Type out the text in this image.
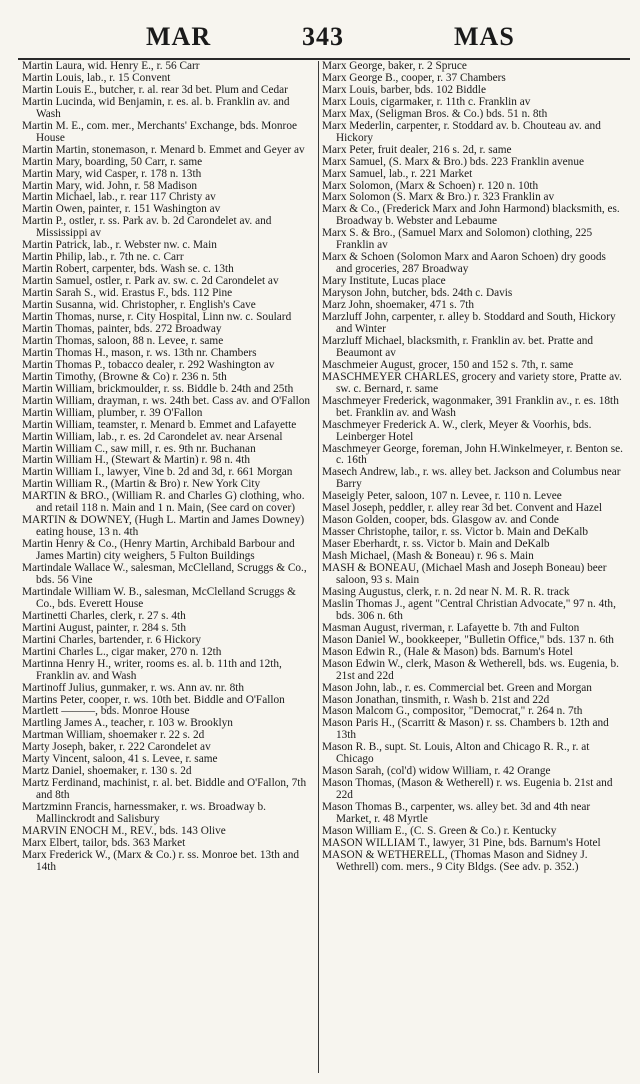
MAR	343	MAS

Martin Laura, wid. Henry E., r. 56 Carr

Martin Louis, lab., r. 15 Convent

Martin Louis E., butcher, r. al. rear 3d bet. Plum and Cedar

Martin Lucinda, wid Benjamin, r. es. al. b. Franklin av. and Wash

Martin M. E., com. mer., Merchants' Exchange, bds. Monroe House

Martin Martin, stonemason, r. Menard b. Emmet and Geyer av

Martin Mary, boarding, 50 Carr, r. same

Martin Mary, wid Casper, r. 178 n. 13th

Martin Mary, wid. John, r. 58 Madison

Martin Michael, lab., r. rear 117 Christy av

Martin Owen, painter, r. 151 Washington av

Martin P., ostler, r. ss. Park av. b. 2d Carondelet av. and Mississippi av

Martin Patrick, lab., r. Webster nw. c. Main

Martin Philip, lab., r. 7th ne. c. Carr

Martin Robert, carpenter, bds. Wash se. c. 13th

Martin Samuel, ostler, r. Park av. sw. c. 2d Carondelet av

Martin Sarah S., wid. Erastus F., bds. 112 Pine

Martin Susanna, wid. Christopher, r. English's Cave

Martin Thomas, nurse, r. City Hospital, Linn nw. c. Soulard

Martin Thomas, painter, bds. 272 Broadway

Martin Thomas, saloon, 88 n. Levee, r. same

Martin Thomas H., mason, r. ws. 13th nr. Chambers

Martin Thomas P., tobacco dealer, r. 292 Washington av

Martin Timothy, (Browne & Co) r. 236 n. 5th

Martin William, brickmoulder, r. ss. Biddle b. 24th and 25th

Martin William, drayman, r. ws. 24th bet. Cass av. and O'Fallon

Martin William, plumber, r. 39 O'Fallon

Martin William, teamster, r. Menard b. Emmet and Lafayette

Martin William, lab., r. es. 2d Carondelet av. near Arsenal

Martin William C., saw mill, r. es. 9th nr. Buchanan

Martin William H., (Stewart & Martin) r. 98 n. 4th

Martin William I., lawyer, Vine b. 2d and 3d, r. 661 Morgan

Martin William R., (Martin & Bro) r. New York City

MARTIN & BRO., (William R. and Charles G) clothing, who. and retail 118 n. Main and 1 n. Main, (See card on cover)

MARTIN & DOWNEY, (Hugh L. Martin and James Downey) eating house, 13 n. 4th

Martin Henry & Co., (Henry Martin, Archibald Barbour and James Martin) city weighers, 5 Fulton Buildings

Martindale Wallace W., salesman, McClelland, Scruggs & Co., bds. 56 Vine

Martindale William W. B., salesman, McClelland Scruggs & Co., bds. Everett House

Martinetti Charles, clerk, r. 27 s. 4th

Martini August, painter, r. 284 s. 5th

Martini Charles, bartender, r. 6 Hickory

Martini Charles L., cigar maker, 270 n. 12th

Martinna Henry H., writer, rooms es. al. b. 11th and 12th, Franklin av. and Wash

Martinoff Julius, gunmaker, r. ws. Ann av. nr. 8th

Martins Peter, cooper, r. ws. 10th bet. Biddle and O'Fallon

Martlett ———, bds. Monroe House

Martling James A., teacher, r. 103 w. Brooklyn

Martman William, shoemaker r. 22 s. 2d

Marty Joseph, baker, r. 222 Carondelet av

Marty Vincent, saloon, 41 s. Levee, r. same

Martz Daniel, shoemaker, r. 130 s. 2d

Martz Ferdinand, machinist, r. al. bet. Biddle and O'Fallon, 7th and 8th

Martzminn Francis, harnessmaker, r. ws. Broadway b. Mallinckrodt and Salisbury

MARVIN ENOCH M., REV., bds. 143 Olive

Marx Elbert, tailor, bds. 363 Market

Marx Frederick W., (Marx & Co.) r. ss. Monroe bet. 13th and 14th

Marx George, baker, r. 2 Spruce

Marx George B., cooper, r. 37 Chambers

Marx Louis, barber, bds. 102 Biddle

Marx Louis, cigarmaker, r. 11th c. Franklin av

Marx Max, (Seligman Bros. & Co.) bds. 51 n. 8th

Marx Mederlin, carpenter, r. Stoddard av. b. Chouteau av. and Hickory

Marx Peter, fruit dealer, 216 s. 2d, r. same

Marx Samuel, (S. Marx & Bro.) bds. 223 Franklin avenue

Marx Samuel, lab., r. 221 Market

Marx Solomon, (Marx & Schoen) r. 120 n. 10th

Marx Solomon (S. Marx & Bro.) r. 323 Franklin av

Marx & Co., (Frederick Marx and John Harmond) blacksmith, es. Broadway b. Webster and Lebaume

Marx S. & Bro., (Samuel Marx and Solomon) clothing, 225 Franklin av

Marx & Schoen (Solomon Marx and Aaron Schoen) dry goods and groceries, 287 Broadway

Mary Institute, Lucas place

Maryson John, butcher, bds. 24th c. Davis

Marz John, shoemaker, 471 s. 7th

Marzluff John, carpenter, r. alley b. Stoddard and South, Hickory and Winter

Marzluff Michael, blacksmith, r. Franklin av. bet. Pratte and Beaumont av

Maschmeier August, grocer, 150 and 152 s. 7th, r. same

MASCHMEYER CHARLES, grocery and variety store, Pratte av. sw. c. Bernard, r. same

Maschmeyer Frederick, wagonmaker, 391 Franklin av., r. es. 18th bet. Franklin av. and Wash

Maschmeyer Frederick A. W., clerk, Meyer & Voorhis, bds. Leinberger Hotel

Maschmeyer George, foreman, John H.Winkelmeyer, r. Benton se. c. 16th

Masech Andrew, lab., r. ws. alley bet. Jackson and Columbus near Barry

Maseigly Peter, saloon, 107 n. Levee, r. 110 n. Levee

Masel Joseph, peddler, r. alley rear 3d bet. Convent and Hazel

Mason Golden, cooper, bds. Glasgow av. and Conde

Masser Christophe, tailor, r. ss. Victor b. Main and DeKalb

Maser Eberhardt, r. ss. Victor b. Main and DeKalb

Mash Michael, (Mash & Boneau) r. 96 s. Main

MASH & BONEAU, (Michael Mash and Joseph Boneau) beer saloon, 93 s. Main

Masing Augustus, clerk, r. n. 2d near N. M. R. R. track

Maslin Thomas J., agent "Central Christian Advocate," 97 n. 4th, bds. 306 n. 6th

Masman August, riverman, r. Lafayette b. 7th and Fulton

Mason Daniel W., bookkeeper, "Bulletin Office," bds. 137 n. 6th

Mason Edwin R., (Hale & Mason) bds. Barnum's Hotel

Mason Edwin W., clerk, Mason & Wetherell, bds. ws. Eugenia, b. 21st and 22d

Mason John, lab., r. es. Commercial bet. Green and Morgan

Mason Jonathan, tinsmith, r. Wash b. 21st and 22d

Mason Malcom G., compositor, "Democrat," r. 264 n. 7th

Mason Paris H., (Scarritt & Mason) r. ss. Chambers b. 12th and 13th

Mason R. B., supt. St. Louis, Alton and Chicago R. R., r. at Chicago

Mason Sarah, (col'd) widow William, r. 42 Orange

Mason Thomas, (Mason & Wetherell) r. ws. Eugenia b. 21st and 22d

Mason Thomas B., carpenter, ws. alley bet. 3d and 4th near Market, r. 48 Myrtle

Mason William E., (C. S. Green & Co.) r. Kentucky

MASON WILLIAM T., lawyer, 31 Pine, bds. Barnum's Hotel

MASON & WETHERELL, (Thomas Mason and Sidney J. Wethrell) com. mers., 9 City Bldgs. (See adv. p. 352.)
